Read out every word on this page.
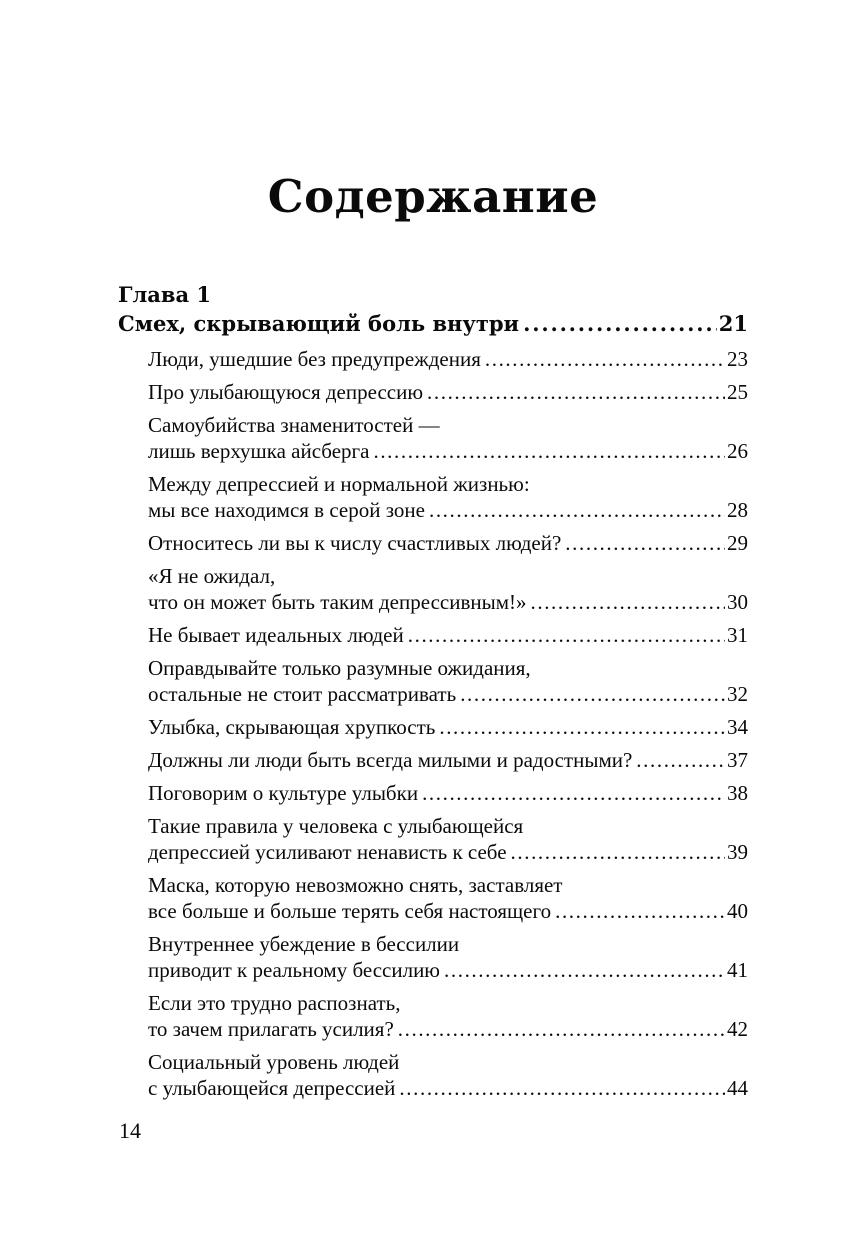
Содержание
Глава 1
Смех, скрывающий боль внутри .....	21
Люди, ушедшие без предупреждения .....	23
Про улыбающуюся депрессию .....	25
Самоубийства знаменитостей —
лишь верхушка айсберга .....	26
Между депрессией и нормальной жизнью:
мы все находимся в серой зоне .....	28
Относитесь ли вы к числу счастливых людей? .....	29
«Я не ожидал,
что он может быть таким депрессивным!» .....	30
Не бывает идеальных людей .....	31
Оправдывайте только разумные ожидания,
остальные не стоит рассматривать .....	32
Улыбка, скрывающая хрупкость .....	34
Должны ли люди быть всегда милыми и радостными? .....	37
Поговорим о культуре улыбки .....	38
Такие правила у человека с улыбающейся
депрессией усиливают ненависть к себе .....	39
Маска, которую невозможно снять, заставляет
все больше и больше терять себя настоящего .....	40
Внутреннее убеждение в бессилии
приводит к реальному бессилию .....	41
Если это трудно распознать,
то зачем прилагать усилия? .....	42
Социальный уровень людей
с улыбающейся депрессией .....	44
14
